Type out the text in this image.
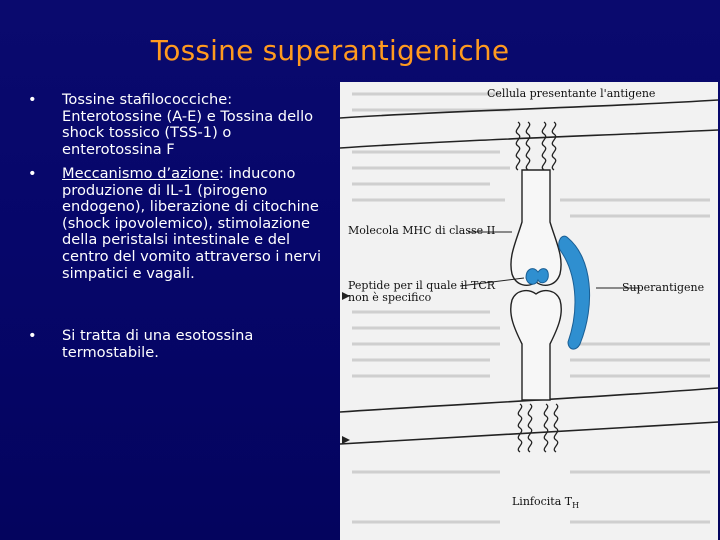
Tossine superantigeniche
• Tossine stafilococciche: Enterotossine (A-E) e Tossina dello shock tossico (TSS-1) o enterotossina F
• Meccanismo d’azione: inducono produzione di IL-1 (pirogeno endogeno), liberazione di citochine (shock ipovolemico), stimolazione della peristalsi intestinale e del centro del vomito attraverso i nervi simpatici e vagali.
• Si tratta di una esotossina termostabile.
Cellula presentante l'antigene
Molecola MHC di classe II
Peptide per il quale il TCR
non è specifico
Superantigene
Linfocita $T_H$
